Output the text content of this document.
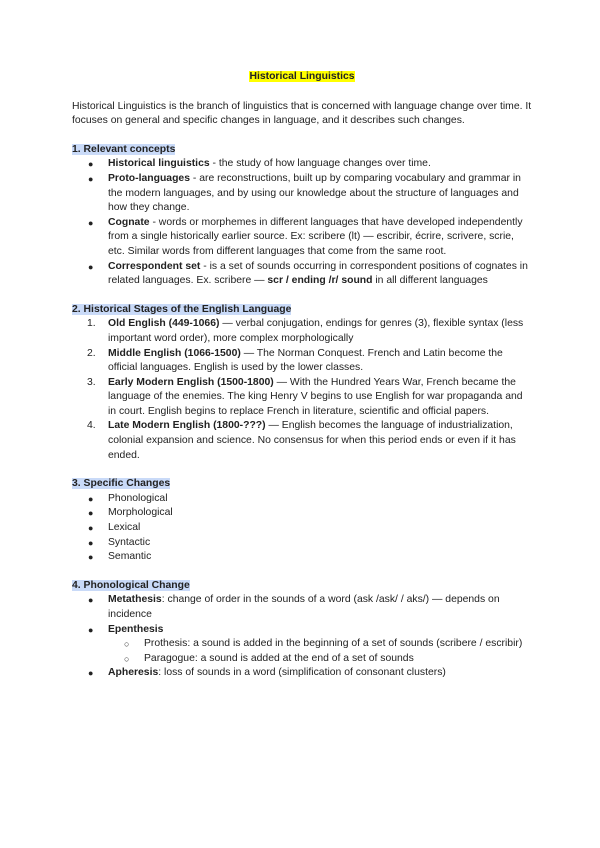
Historical Linguistics

Historical Linguistics is the branch of linguistics that is concerned with language change over time. It focuses on general and specific changes in language, and it describes such changes.

1. Relevant concepts

● Historical linguistics - the study of how language changes over time.
● Proto-languages - are reconstructions, built up by comparing vocabulary and grammar in the modern languages, and by using our knowledge about the structure of languages and how they change.
● Cognate - words or morphemes in different languages that have developed independently from a single historically earlier source. Ex: scribere (lt) — escribir, écrire, scrivere, scrie, etc. Similar words from different languages that come from the same root.
● Correspondent set - is a set of sounds occurring in correspondent positions of cognates in related languages. Ex. scribere — scr / ending /r/ sound in all different languages

2. Historical Stages of the English Language

1. Old English (449-1066) — verbal conjugation, endings for genres (3), flexible syntax (less important word order), more complex morphologically
2. Middle English (1066-1500) — The Norman Conquest. French and Latin become the official languages. English is used by the lower classes.
3. Early Modern English (1500-1800) — With the Hundred Years War, French became the language of the enemies. The king Henry V begins to use English for war propaganda and in court. English begins to replace French in literature, scientific and official papers.
4. Late Modern English (1800-???) — English becomes the language of industrialization, colonial expansion and science. No consensus for when this period ends or even if it has ended.

3. Specific Changes

● Phonological
● Morphological
● Lexical
● Syntactic
● Semantic

4. Phonological Change

● Metathesis: change of order in the sounds of a word (ask /ask/ / aks/) — depends on incidence
● Epenthesis
○ Prothesis: a sound is added in the beginning of a set of sounds (scribere / escribir)
○ Paragogue: a sound is added at the end of a set of sounds
● Apheresis: loss of sounds in a word (simplification of consonant clusters)
